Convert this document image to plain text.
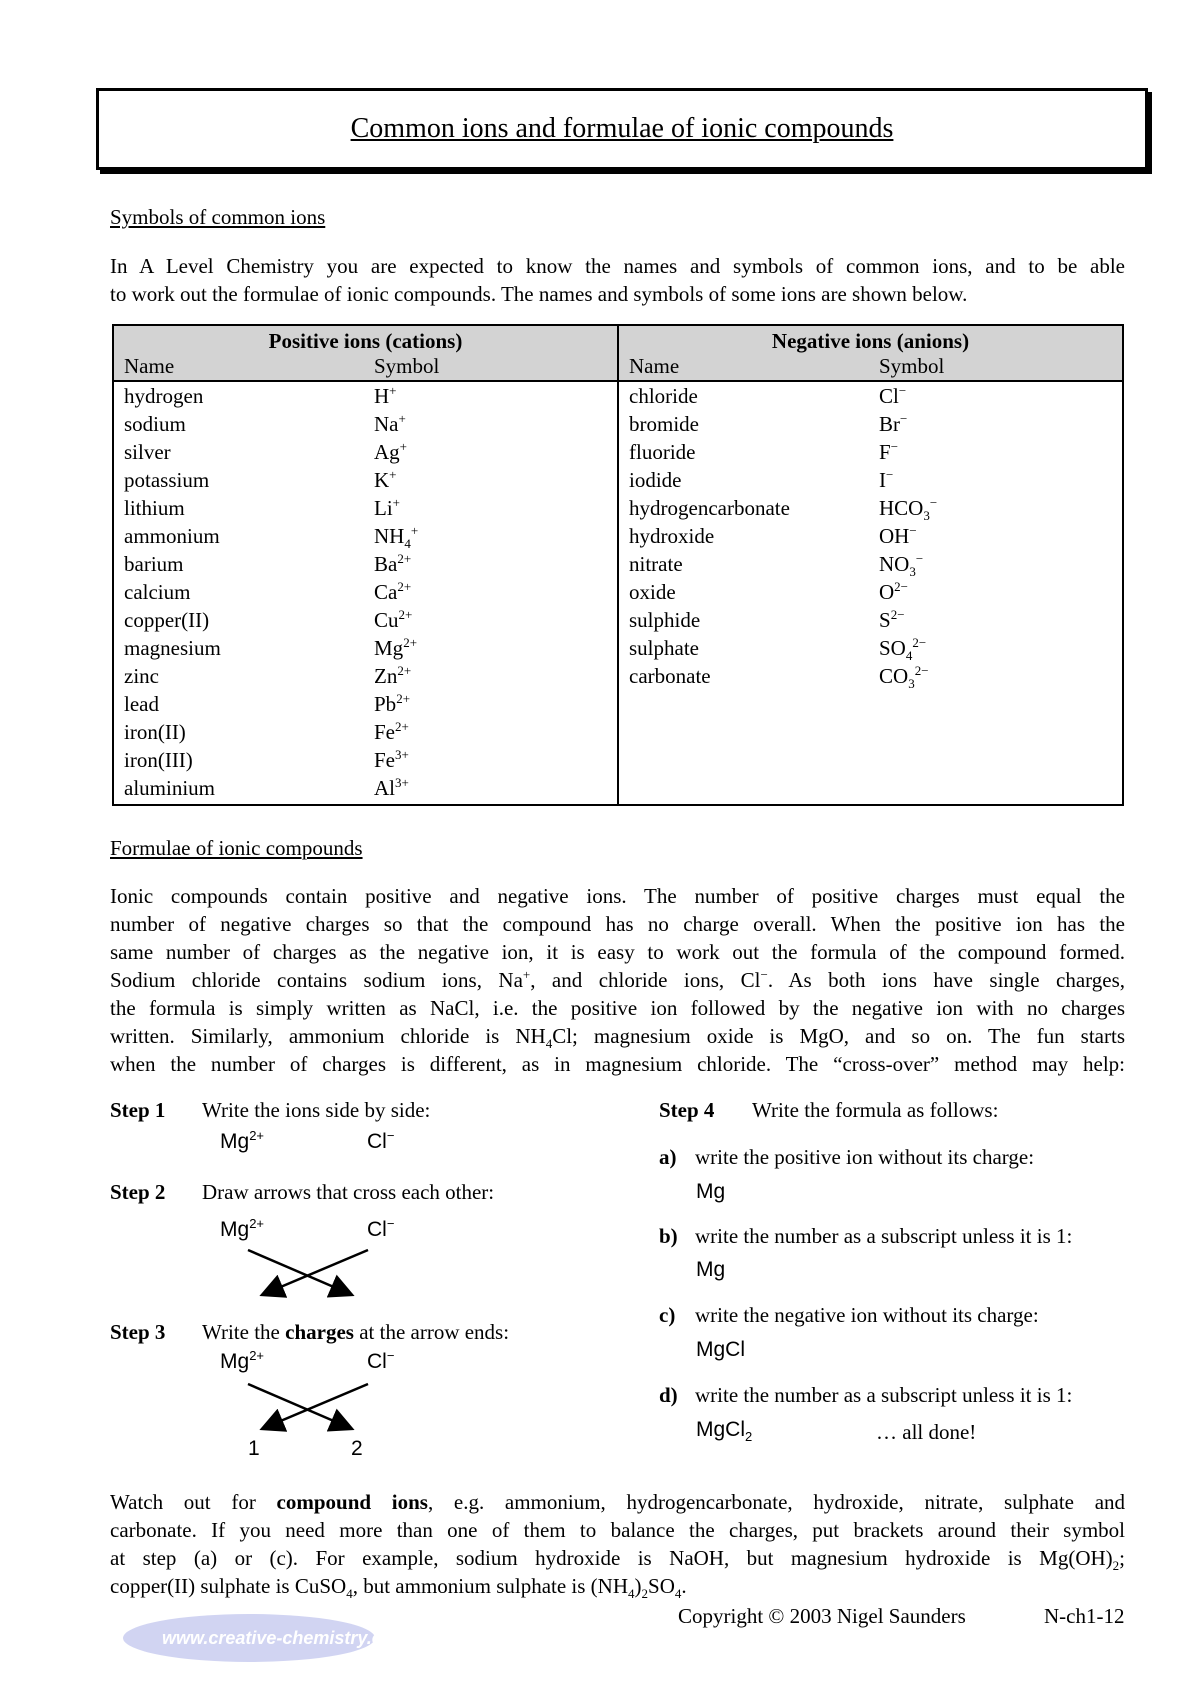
Common ions and formulae of ionic compounds
Symbols of common ions
In A Level Chemistry you are expected to know the names and symbols of common ions, and to be able
to work out the formulae of ionic compounds. The names and symbols of some ions are shown below.
Positive ions (cations)
Name	Symbol
hydrogen	H+
sodium	Na+
silver	Ag+
potassium	K+
lithium	Li+
ammonium	$NH_4^+$
barium	$Ba^{2+}$
calcium	$Ca^{2+}$
copper(II)	$Cu^{2+}$
magnesium	$Mg^{2+}$
zinc	$Zn^{2+}$
lead	$Pb^{2+}$
iron(II)	$Fe^{2+}$
iron(III)	$Fe^{3+}$
aluminium	$Al^{3+}$

Negative ions (anions)
Name	Symbol
chloride	Cl−
bromide	Br−
fluoride	F−
iodide	I−
hydrogencarbonate	$HCO_3^-$
hydroxide	OH−
nitrate	$NO_3^-$
oxide	$O^{2-}$
sulphide	$S^{2-}$
sulphate	$SO_4^{2-}$
carbonate	$CO_3^{2-}$
Formulae of ionic compounds
Ionic compounds contain positive and negative ions. The number of positive charges must equal the
number of negative charges so that the compound has no charge overall. When the positive ion has the
same number of charges as the negative ion, it is easy to work out the formula of the compound formed.
Sodium chloride contains sodium ions, Na+, and chloride ions, Cl−. As both ions have single charges,
the formula is simply written as NaCl, i.e. the positive ion followed by the negative ion with no charges
written. Similarly, ammonium chloride is $NH_4Cl$; magnesium oxide is MgO, and so on. The fun starts
when the number of charges is different, as in magnesium chloride. The “cross-over” method may help:
Step 1 Write the ions side by side:
$Mg^{2+}$	Cl−
Step 2 Draw arrows that cross each other:
$Mg^{2+}$	Cl−
Step 3 Write the charges at the arrow ends:
$Mg^{2+}$	Cl−
1	2
Step 4 Write the formula as follows:
a) write the positive ion without its charge:
Mg
b) write the number as a subscript unless it is 1:
Mg
c) write the negative ion without its charge:
MgCl
d) write the number as a subscript unless it is 1:
MgCl$_2$	… all done!
Watch out for compound ions, e.g. ammonium, hydrogencarbonate, hydroxide, nitrate, sulphate and
carbonate. If you need more than one of them to balance the charges, put brackets around their symbol
at step (a) or (c). For example, sodium hydroxide is NaOH, but magnesium hydroxide is $Mg(OH)_2$;
copper(II) sulphate is CuSO$_4$, but ammonium sulphate is $(NH_4)_2SO_4$.
www.creative-chemistry.org.uk
Copyright © 2003 Nigel Saunders	N-ch1-12
